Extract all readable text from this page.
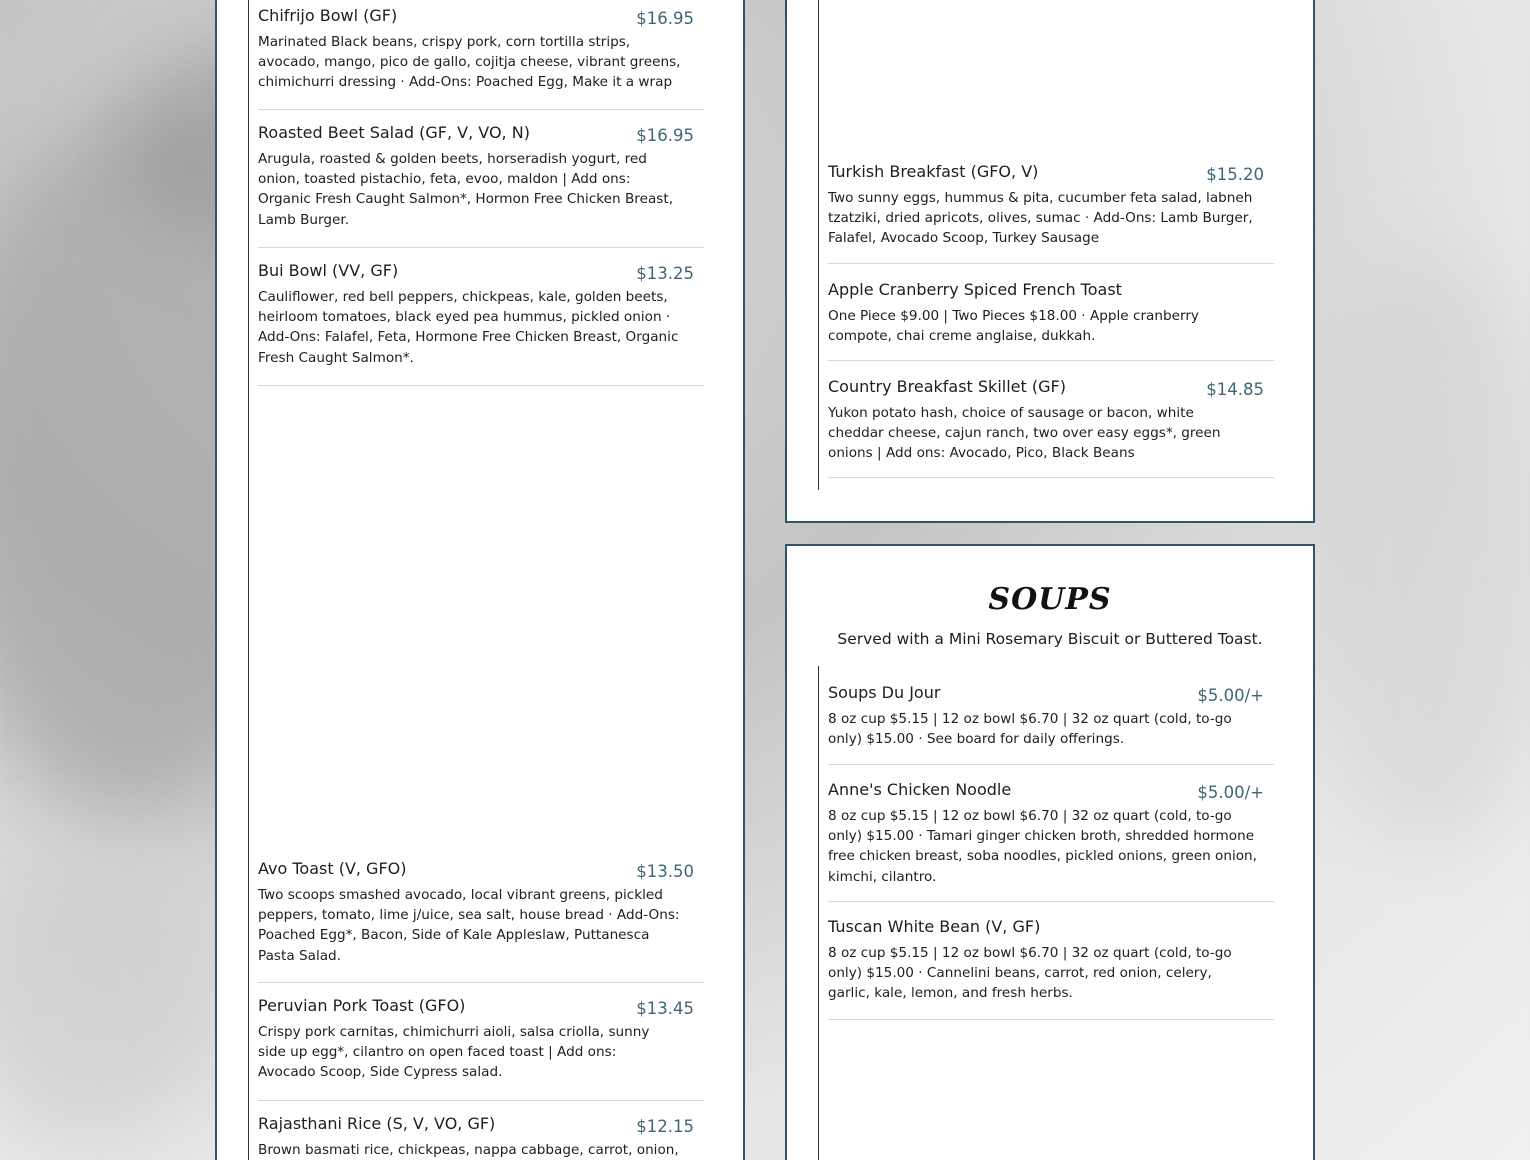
Chifrijo Bowl (GF)	$16.95
Marinated Black beans, crispy pork, corn tortilla strips, avocado, mango, pico de gallo, cojitja cheese, vibrant greens, chimichurri dressing · Add-Ons: Poached Egg, Make it a wrap
Roasted Beet Salad (GF, V, VO, N)	$16.95
Arugula, roasted & golden beets, horseradish yogurt, red onion, toasted pistachio, feta, evoo, maldon | Add ons: Organic Fresh Caught Salmon*, Hormon Free Chicken Breast, Lamb Burger.
Bui Bowl (VV, GF)	$13.25
Cauliflower, red bell peppers, chickpeas, kale, golden beets, heirloom tomatoes, black eyed pea hummus, pickled onion · Add-Ons: Falafel, Feta, Hormone Free Chicken Breast, Organic Fresh Caught Salmon*.
Avo Toast (V, GFO)	$13.50
Two scoops smashed avocado, local vibrant greens, pickled peppers, tomato, lime j/uice, sea salt, house bread · Add-Ons: Poached Egg*, Bacon, Side of Kale Appleslaw, Puttanesca Pasta Salad.
Peruvian Pork Toast (GFO)	$13.45
Crispy pork carnitas, chimichurri aioli, salsa criolla, sunny side up egg*, cilantro on open faced toast | Add ons: Avocado Scoop, Side Cypress salad.
Rajasthani Rice (S, V, VO, GF)	$12.15
Brown basmati rice, chickpeas, nappa cabbage, carrot, onion,
Turkish Breakfast (GFO, V)	$15.20
Two sunny eggs, hummus & pita, cucumber feta salad, labneh tzatziki, dried apricots, olives, sumac · Add-Ons: Lamb Burger, Falafel, Avocado Scoop, Turkey Sausage
Apple Cranberry Spiced French Toast
One Piece $9.00 | Two Pieces $18.00 · Apple cranberry compote, chai creme anglaise, dukkah.
Country Breakfast Skillet (GF)	$14.85
Yukon potato hash, choice of sausage or bacon, white cheddar cheese, cajun ranch, two over easy eggs*, green onions | Add ons: Avocado, Pico, Black Beans
SOUPS
Served with a Mini Rosemary Biscuit or Buttered Toast.
Soups Du Jour	$5.00/+
8 oz cup $5.15 | 12 oz bowl $6.70 | 32 oz quart (cold, to-go only) $15.00 · See board for daily offerings.
Anne's Chicken Noodle	$5.00/+
8 oz cup $5.15 | 12 oz bowl $6.70 | 32 oz quart (cold, to-go only) $15.00 · Tamari ginger chicken broth, shredded hormone free chicken breast, soba noodles, pickled onions, green onion, kimchi, cilantro.
Tuscan White Bean (V, GF)
8 oz cup $5.15 | 12 oz bowl $6.70 | 32 oz quart (cold, to-go only) $15.00 · Cannelini beans, carrot, red onion, celery, garlic, kale, lemon, and fresh herbs.
